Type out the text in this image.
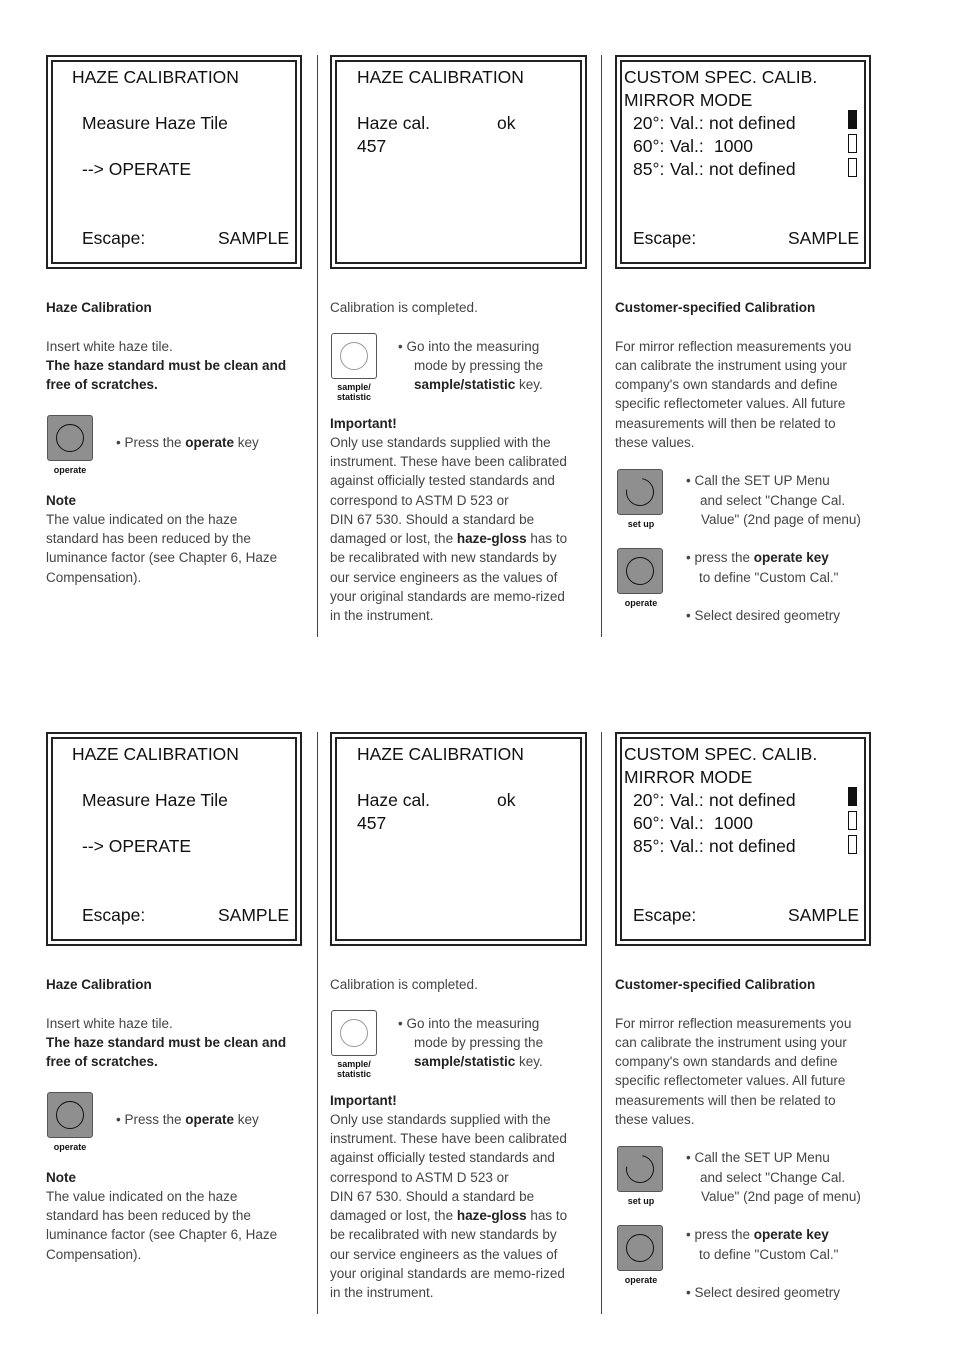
HAZE CALIBRATION
Measure Haze Tile
--> OPERATE
Escape:	SAMPLE
HAZE CALIBRATION
Haze cal.	ok
457
CUSTOM SPEC. CALIB.
MIRROR MODE
20°: Val.: not defined
60°: Val.: 1000
85°: Val.: not defined
Escape:	SAMPLE
Haze Calibration
Insert white haze tile.
The haze standard must be clean and
free of scratches.
operate
• Press the operate key
Note
The value indicated on the haze
standard has been reduced by the
luminance factor (see Chapter 6, Haze
Compensation).
Calibration is completed.
sample/
statistic
• Go into the measuring
mode by pressing the
sample/statistic key.
Important!
Only use standards supplied with the
instrument. These have been calibrated
against officially tested standards and
correspond to ASTM D 523 or
DIN 67 530. Should a standard be
damaged or lost, the haze-gloss has to
be recalibrated with new standards by
our service engineers as the values of
your original standards are memo-rized
in the instrument.
Customer-specified Calibration
For mirror reflection measurements you
can calibrate the instrument using your
company's own standards and define
specific reflectometer values. All future
measurements will then be related to
these values.
set up
• Call the SET UP Menu
and select "Change Cal.
Value" (2nd page of menu)
operate
• press the operate key
to define "Custom Cal."
• Select desired geometry
HAZE CALIBRATION
Measure Haze Tile
--> OPERATE
Escape:	SAMPLE
HAZE CALIBRATION
Haze cal.	ok
457
CUSTOM SPEC. CALIB.
MIRROR MODE
20°: Val.: not defined
60°: Val.: 1000
85°: Val.: not defined
Escape:	SAMPLE
Haze Calibration
Insert white haze tile.
The haze standard must be clean and
free of scratches.
operate
• Press the operate key
Note
The value indicated on the haze
standard has been reduced by the
luminance factor (see Chapter 6, Haze
Compensation).
Calibration is completed.
sample/
statistic
• Go into the measuring
mode by pressing the
sample/statistic key.
Important!
Only use standards supplied with the
instrument. These have been calibrated
against officially tested standards and
correspond to ASTM D 523 or
DIN 67 530. Should a standard be
damaged or lost, the haze-gloss has to
be recalibrated with new standards by
our service engineers as the values of
your original standards are memo-rized
in the instrument.
Customer-specified Calibration
For mirror reflection measurements you
can calibrate the instrument using your
company's own standards and define
specific reflectometer values. All future
measurements will then be related to
these values.
set up
• Call the SET UP Menu
and select "Change Cal.
Value" (2nd page of menu)
operate
• press the operate key
to define "Custom Cal."
• Select desired geometry
